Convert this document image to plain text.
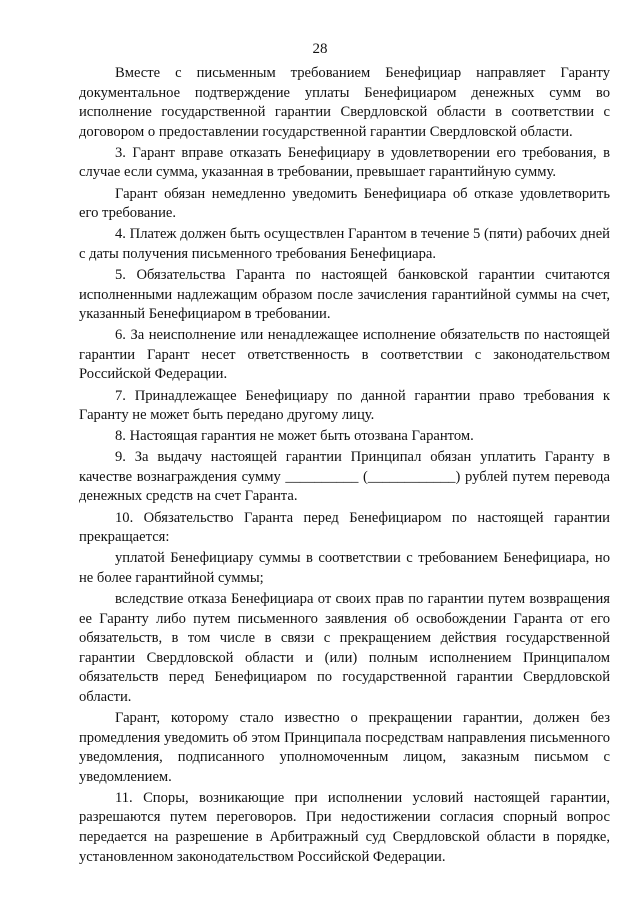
28

Вместе с письменным требованием Бенефициар направляет Гаранту документальное подтверждение уплаты Бенефициаром денежных сумм во исполнение государственной гарантии Свердловской области в соответствии с договором о предоставлении государственной гарантии Свердловской области.

3. Гарант вправе отказать Бенефициару в удовлетворении его требования, в случае если сумма, указанная в требовании, превышает гарантийную сумму.

Гарант обязан немедленно уведомить Бенефициара об отказе удовлетворить его требование.

4. Платеж должен быть осуществлен Гарантом в течение 5 (пяти) рабочих дней с даты получения письменного требования Бенефициара.

5. Обязательства Гаранта по настоящей банковской гарантии считаются исполненными надлежащим образом после зачисления гарантийной суммы на счет, указанный Бенефициаром в требовании.

6. За неисполнение или ненадлежащее исполнение обязательств по настоящей гарантии Гарант несет ответственность в соответствии с законодательством Российской Федерации.

7. Принадлежащее Бенефициару по данной гарантии право требования к Гаранту не может быть передано другому лицу.

8. Настоящая гарантия не может быть отозвана Гарантом.

9. За выдачу настоящей гарантии Принципал обязан уплатить Гаранту в качестве вознаграждения сумму __________ (____________) рублей путем перевода денежных средств на счет Гаранта.

10. Обязательство Гаранта перед Бенефициаром по настоящей гарантии прекращается:

уплатой Бенефициару суммы в соответствии с требованием Бенефициара, но не более гарантийной суммы;

вследствие отказа Бенефициара от своих прав по гарантии путем возвращения ее Гаранту либо путем письменного заявления об освобождении Гаранта от его обязательств, в том числе в связи с прекращением действия государственной гарантии Свердловской области и (или) полным исполнением Принципалом обязательств перед Бенефициаром по государственной гарантии Свердловской области.

Гарант, которому стало известно о прекращении гарантии, должен без промедления уведомить об этом Принципала посредствам направления письменного уведомления, подписанного уполномоченным лицом, заказным письмом с уведомлением.

11. Споры, возникающие при исполнении условий настоящей гарантии, разрешаются путем переговоров. При недостижении согласия спорный вопрос передается на разрешение в Арбитражный суд Свердловской области в порядке, установленном законодательством Российской Федерации.
